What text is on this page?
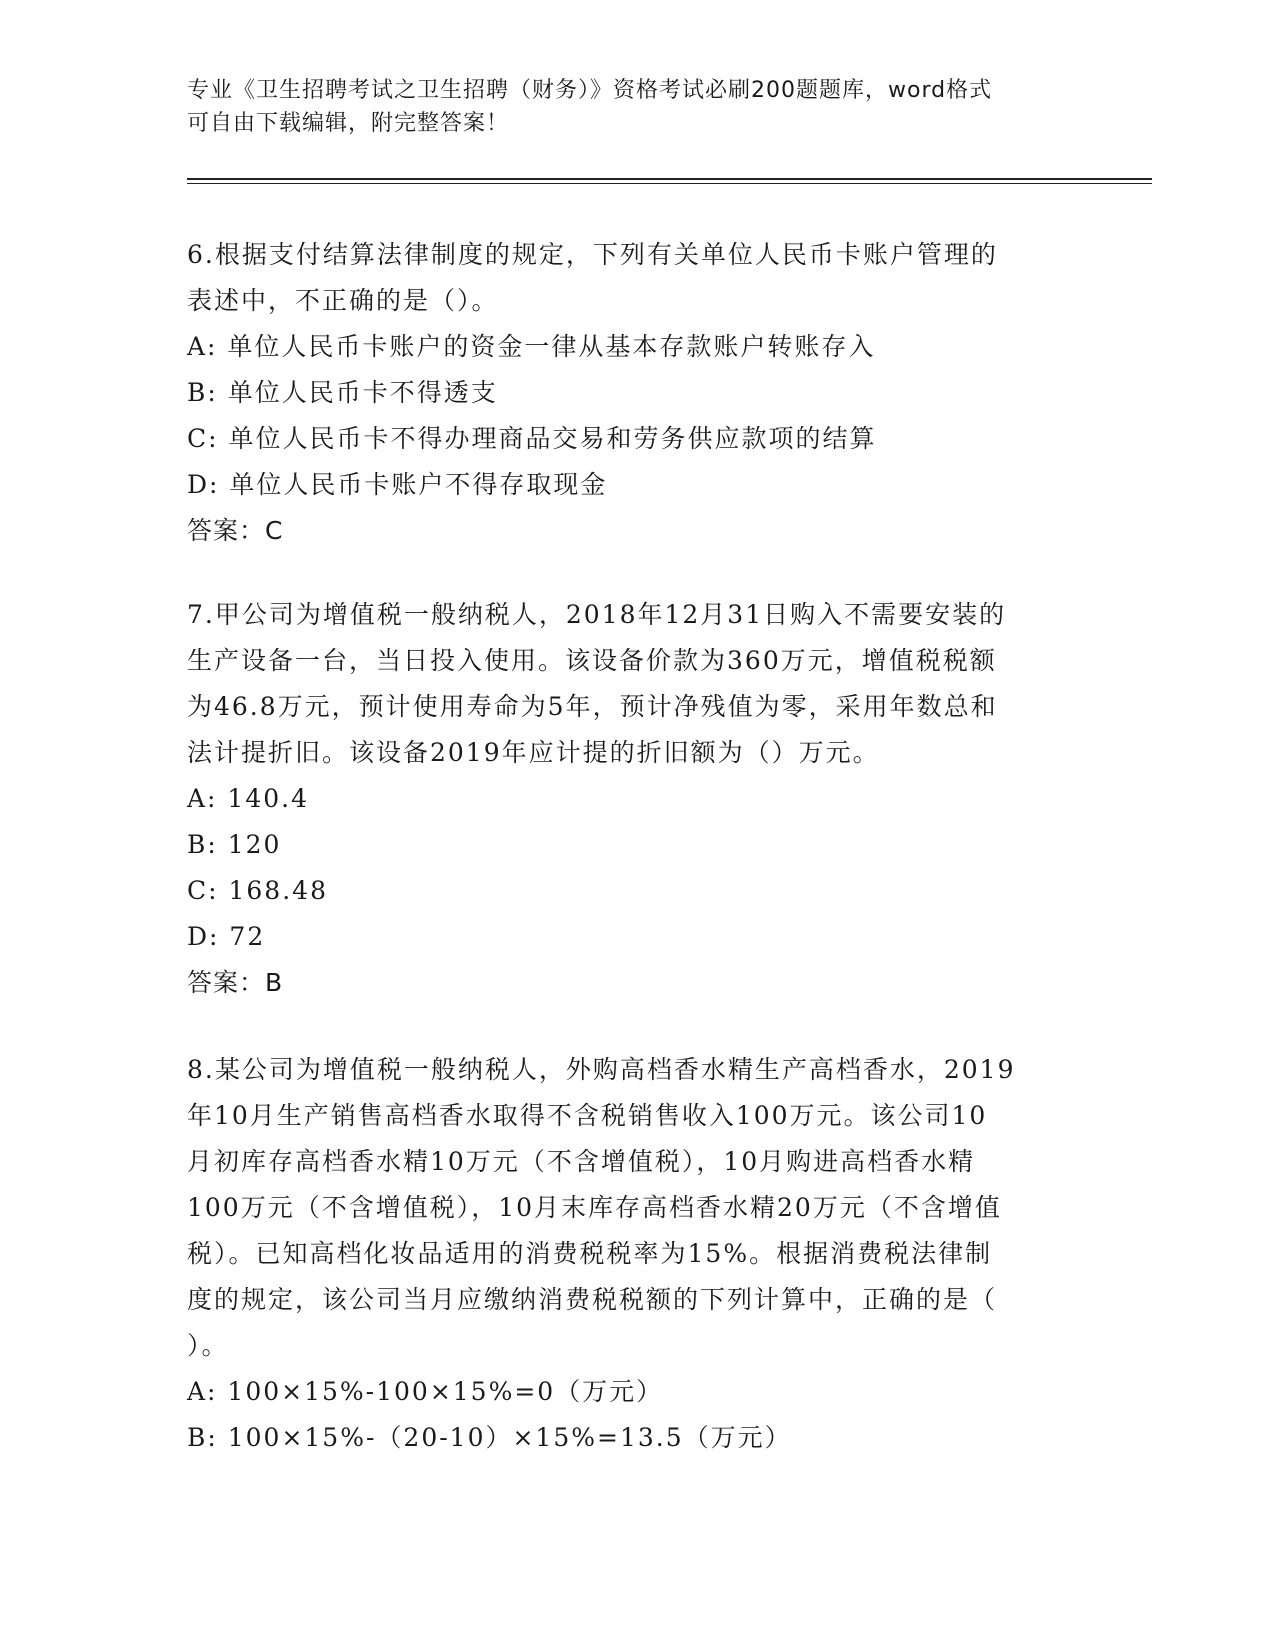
专业《卫生招聘考试之卫生招聘（财务）》资格考试必刷200题题库，word格式
可自由下载编辑，附完整答案！

6.根据支付结算法律制度的规定，下列有关单位人民币卡账户管理的

表述中，不正确的是（）。

A: 单位人民币卡账户的资金一律从基本存款账户转账存入

B: 单位人民币卡不得透支

C: 单位人民币卡不得办理商品交易和劳务供应款项的结算

D: 单位人民币卡账户不得存取现金

答案：C

7.甲公司为增值税一般纳税人，2018年12月31日购入不需要安装的

生产设备一台，当日投入使用。该设备价款为360万元，增值税税额

为46.8万元，预计使用寿命为5年，预计净残值为零，采用年数总和

法计提折旧。该设备2019年应计提的折旧额为（）万元。

A: 140.4

B: 120

C: 168.48

D: 72

答案：B

8.某公司为增值税一般纳税人，外购高档香水精生产高档香水，2019

年10月生产销售高档香水取得不含税销售收入100万元。该公司10

月初库存高档香水精10万元（不含增值税），10月购进高档香水精

100万元（不含增值税），10月末库存高档香水精20万元（不含增值

税）。已知高档化妆品适用的消费税税率为15%。根据消费税法律制

度的规定，该公司当月应缴纳消费税税额的下列计算中，正确的是（

）。

A: 100×15%-100×15%=0（万元）

B: 100×15%-（20-10）×15%=13.5（万元）
